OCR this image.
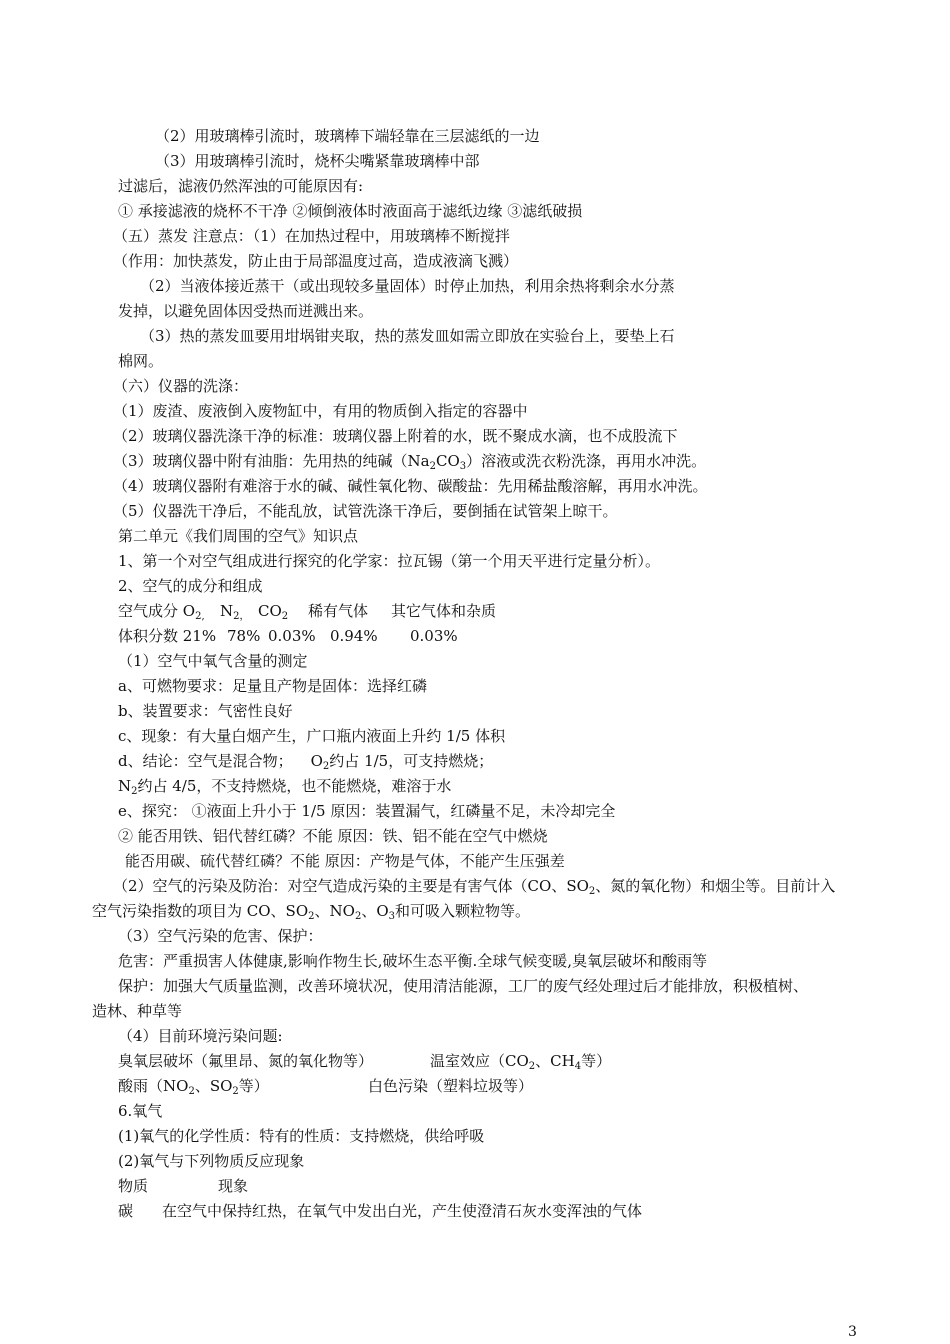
（2）用玻璃棒引流时，玻璃棒下端轻靠在三层滤纸的一边
（3）用玻璃棒引流时，烧杯尖嘴紧靠玻璃棒中部
过滤后，滤液仍然浑浊的可能原因有:
① 承接滤液的烧杯不干净 ②倾倒液体时液面高于滤纸边缘 ③滤纸破损
（五）蒸发 注意点：（1）在加热过程中，用玻璃棒不断搅拌
（作用：加快蒸发，防止由于局部温度过高，造成液滴飞溅）
（2）当液体接近蒸干（或出现较多量固体）时停止加热，利用余热将剩余水分蒸
发掉，以避免固体因受热而迸溅出来。
（3）热的蒸发皿要用坩埚钳夹取，热的蒸发皿如需立即放在实验台上，要垫上石
棉网。
（六）仪器的洗涤：
（1）废渣、废液倒入废物缸中，有用的物质倒入指定的容器中
（2）玻璃仪器洗涤干净的标准：玻璃仪器上附着的水，既不聚成水滴，也不成股流下
（3）玻璃仪器中附有油脂：先用热的纯碱$(Na_2CO_3)$溶液或洗衣粉洗涤，再用水冲洗。
（4）玻璃仪器附有难溶于水的碱、碱性氧化物、碳酸盐：先用稀盐酸溶解，再用水冲洗。
（5）仪器洗干净后，不能乱放，试管洗涤干净后，要倒插在试管架上晾干。
第二单元《我们周围的空气》知识点
1、第一个对空气组成进行探究的化学家：拉瓦锡（第一个用天平进行定量分析）。
2、空气的成分和组成
空气成分 $O_{2,}$ $N_{2,}$ $CO_2$ 稀有气体 其它气体和杂质
体积分数 21% 78% 0.03% 0.94% 0.03%
（1）空气中氧气含量的测定
a、可燃物要求：足量且产物是固体：选择红磷
b、装置要求：气密性良好
c、现象：有大量白烟产生，广口瓶内液面上升约 1/5 体积
d、结论：空气是混合物； $O_2$约占 1/5，可支持燃烧；
$N_2$约占 4/5，不支持燃烧，也不能燃烧，难溶于水
e、探究： ①液面上升小于 1/5 原因：装置漏气，红磷量不足，未冷却完全
② 能否用铁、铝代替红磷？不能 原因：铁、铝不能在空气中燃烧
能否用碳、硫代替红磷？不能 原因：产物是气体，不能产生压强差
（2）空气的污染及防治：对空气造成污染的主要是有害气体（CO、$SO_2$、氮的氧化物）和烟尘等。目前计入
空气污染指数的项目为 CO、$SO_2$、$NO_2$、$O_3$和可吸入颗粒物等。
（3）空气污染的危害、保护：
危害：严重损害人体健康,影响作物生长,破坏生态平衡.全球气候变暖,臭氧层破坏和酸雨等
保护：加强大气质量监测，改善环境状况，使用清洁能源，工厂的废气经处理过后才能排放，积极植树、
造林、种草等
（4）目前环境污染问题:
臭氧层破坏（氟里昂、氮的氧化物等）	温室效应（$CO_2$、$CH_4$等）
酸雨（$NO_2$、$SO_2$等）	白色污染（塑料垃圾等）
6.氧气
(1)氧气的化学性质：特有的性质：支持燃烧，供给呼吸
(2)氧气与下列物质反应现象
物质	现象
碳 在空气中保持红热，在氧气中发出白光，产生使澄清石灰水变浑浊的气体
3
